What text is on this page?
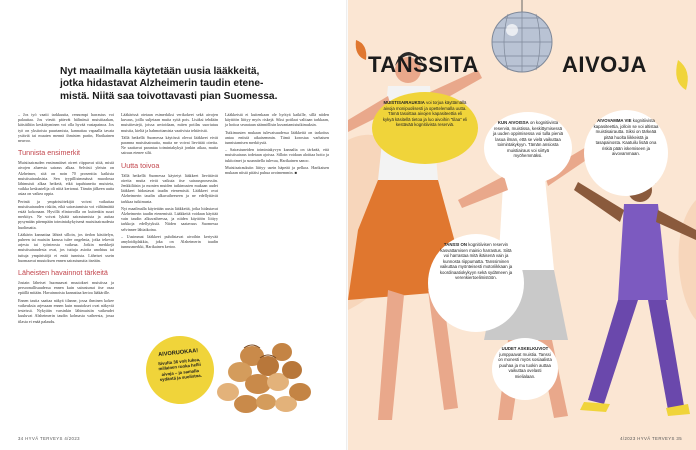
Nyt maailmalla käytetään uusia lääkkeitä, jotka hidastavat Alzheimerin taudin etene-mistä. Niitä saa toivottavasti pian Suomessa.

– Jos työ vaatii tarkkuutta, rennompi harrastus voi palauttaa. Jos viestit pätevät hälinässä muistitaakan, kätsitiltiin keskittyminen voi olla hyvää vastapainoa. Jos työ on yksitoista puurtamista, kannattaa vapaalla tavata ystäviä tai muuten mennä ihmisten pariin, Harikainen neuvoo.

Tunnista ensimerkit

Muistisairauden ensimmäiset oireet riippuvat siitä, mistä aivojen alueesta sairaus alkaa. Selvästi yleisin on Alzheimer, sitä on noin 70 prosenttia kaikista muistisairauksista. Sen tyypillisimmässä muodossa lähimuisti alkaa heiketä, eikä tapahtuneita muisteta, vaikka keskustelija oli niitä kertonut. Tämän jälkeen uutta asiaa on vaikea oppia.

Perintä ja ympäristötekijät voivat vaikuttaa muistisairauden riskiin, eikä sairastumista voi välttämättä estää kokonaan. Hyvillä elintavoilla on kuitenkin suuri merkitys. Ne voivat lykätä sairastumista ja auttaa pysymään pitempään toimintakykyisenä muistisairaudesta huolimatta.

Lääkärin kannattaa lähteä silloin, jos tiedon käsittelyn, puheen tai muistin kanssa tulee ongelmia, jotka tekevät arjesta tai työnteosta vaikeaa. Jotkin merkkejä muistisairaudesta ovat, jos tuttuja asioita unohtuu tai tuttuja ympäristöjä ei enää tunnista. Läheiset usein huomaavat muutoksen ennen sairastunutta itseään.

Läheisten havainnot tärkeitä

Jostain läheiset huomaavat muutokset muistissa ja persoonallisuudessa ennen kuin sairastunut itse osaa epäillä mitään. Havainnoista kannattaa kertoa lääkärille.

Ennen tautia saattaa näkyä tilanne, jossa ihminen kokee vaikeuksia arjessaan ennen kuin muutokset ovat näkyviä testeissä. Nykyään varsinkin lähimuistin vaikeudet kuuluvat Alzheimerin taudin kolmasta vaiheesta, jossa tilasta ei enää palaudu.

Lääkärissä otetaan esimerkiksi verikokeet sekä aivojen kuvaus, joilla suljetaan muita syitä pois. Lisäksi tehdään muistitestejä, joissa arvioidaan, miten potilas suoriutuu muistia, kieltä ja hahmottamista vaativista tehtävistä.

Tällä hetkellä Suomessa käytössä olevat lääkkeet eivät paranna muistisairautta, mutta ne voivat lievittää oireita. Ne saattavat parantaa toimintakykyä jonkin aikaa, mutta sairaus etenee silti.

Uutta toivoa

Tällä hetkellä Suomessa käytetyt lääkkeet lievittävät oireita mutta eivät vaikuta itse sairausprosessiin. Jenkkiläisin ja monien muiden tutkimusten mukaan uudet lääkkeet hidastavat taudin etenemistä. Lääkkeet ovat Alzheimerin taudin alkuvaiheeseen ja ne edellyttävät tarkkaa tutkimusta.

Nyt maailmalla käytetään uusia lääkkeitä, jotka hidastavat Alzheimerin taudin etenemistä. Lääkkeitä voidaan käyttää vain taudin alkuvaiheessa, ja niiden käyttöön liittyy tarkkoja edellytyksiä. Niiden saatavuus Suomessa selvinnee lähiaikoina.

– Uusimmat lääkkeet puhdistavat aivoihin kertyvää amyloidiplakkia, joka on Alzheimerin taudin tunnusmerkki, Harikainen kertoo.

Lääkkeistä ei kuitenkaan ole hyötyä kaikille, sillä niiden käyttöön liittyy myös riskejä. Siksi potilaat valitaan tarkkaan, ja hoitoa seurataan säännöllisin kuvantamistutkimuksin.

Tutkimusten mukaan tulevaisuudessa lääkkeitä on tarkoitus antaa entistä aikaisemmin. Tämä korostaa varhaisen tunnistamisen merkitystä.

– Sairastuneiden toimintakyvyn kannalta on tärkeää, että muistisairaus todetaan ajoissa. Silloin voidaan aloittaa hoito ja tukitoimet ja suunnitella tulevaa, Harikainen sanoo.

Muistisairauksiin liittyy usein häpeää ja pelkoa. Harikaisen mukaan niistä pitäisi puhua avoimemmin. ■

AIVORUOKAA!
Sivulta 36 voit lukea, millainen ruoka hellii aivoja – ja samalla sydäntä ja suolistoa.
34 HYVÄ TERVEYS 4/2023
TANSSITA	AIVOJA
MUISTISAIRAUKSIA voi torjua käyttämällä aivoja monipuolisesti ja opettelemalla uutta. Tämä tasoittaa aivojen kapasiteettia eli kykyä käsitellä tietoa ja luo aivoihin "tilaa" eli kestävää kognitiivista reserviä.	KUN AIVOISSA on kognitiivista reserviä, muistissa, keskittymisessä ja uuden oppimisessa voi tulla pieniä lasua ilman, että se vielä vaikuttaa toimintakykyyn. Tämän ansiosta muistiairaus voi siirtyä myöhemmäksi.
AIVOVAMMA VIE kognitiivista kapasiteettia, jolloin se voi altistaa muistisairautta. Siksi on tärkeää pitää huolta liikkeistä ja tasapainosta. Kaatuilu lisää ona riskiä pään iskemiseen ja aivovammaan.
TANSSI ON kognitiivisen reservin kasvattamisen mainio harrastus. Siitä voi harrastaa mitä ikäisenä vain ja kunnosta riippumatta. Tanssiminen vaikuttaa myönteisesti motoriikkaan ja koordinaatiokykyyn sekä sydämeen ja verenkiertoelimistöön.
UUDET ASKELKUVIOT
jumppaavat muistia. Tanssi on monesti myös sosiaalista puuhaa ja mu tuokin auttaa vaikuttaa ovelasti mielialaan.
4/2023 HYVÄ TERVEYS 35
